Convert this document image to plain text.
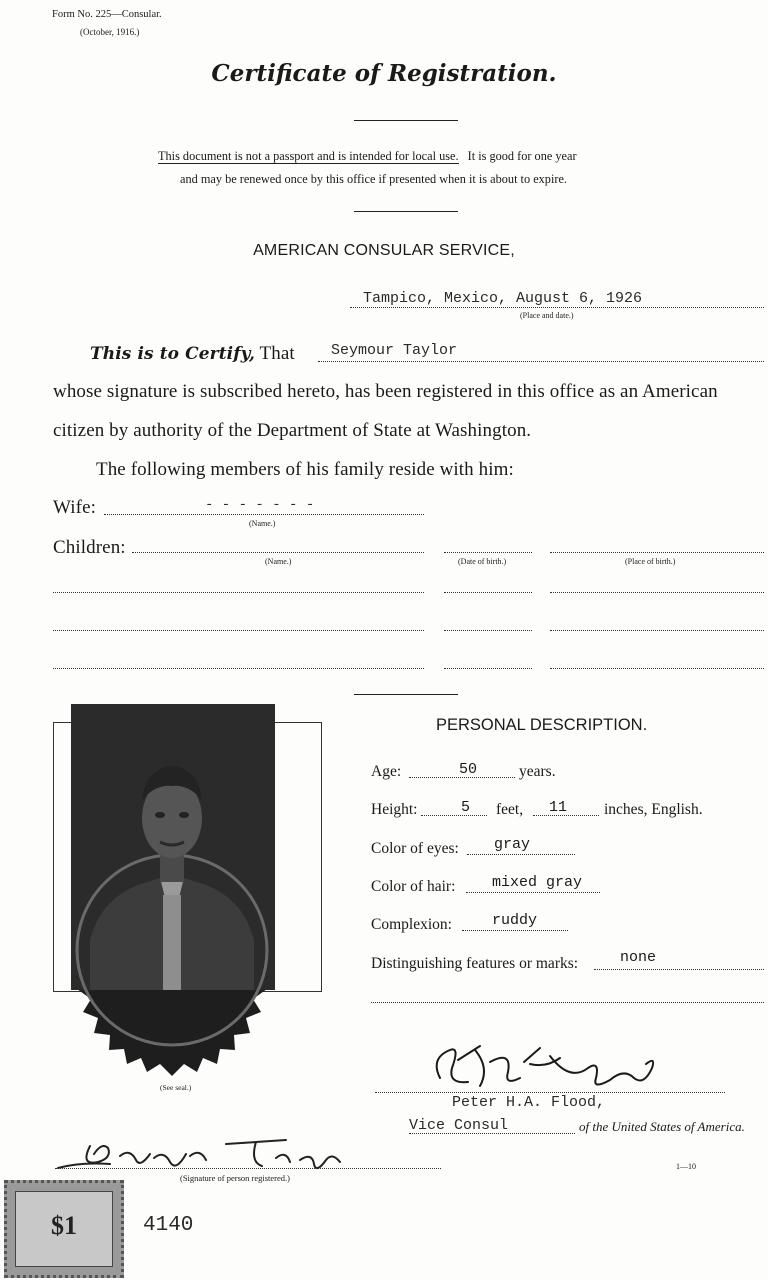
Form No. 225—Consular.
(October, 1916.)
Certificate of Registration.
This document is not a passport and is intended for local use. It is good for one year
and may be renewed once by this office if presented when it is about to expire.
AMERICAN CONSULAR SERVICE,
Tampico, Mexico, August 6, 1926
(Place and date.)
This is to Certify, That Seymour Taylor
whose signature is subscribed hereto, has been registered in this office as an American
citizen by authority of the Department of State at Washington.
The following members of his family reside with him:
Wife:	- - - - - - -
(Name.)
Children:
(Name.)	(Date of birth.)	(Place of birth.)
(See seal.)
PERSONAL DESCRIPTION.
Age:	50	years.
Height:	5 feet, 11 inches, English.
Color of eyes: gray
Color of hair: mixed gray
Complexion:	ruddy
Distinguishing features or marks:	none
Peter H.A. Flood,
Vice Consul	of the United States of America.
(Signature of person registered.)
1—10
$1	4140
